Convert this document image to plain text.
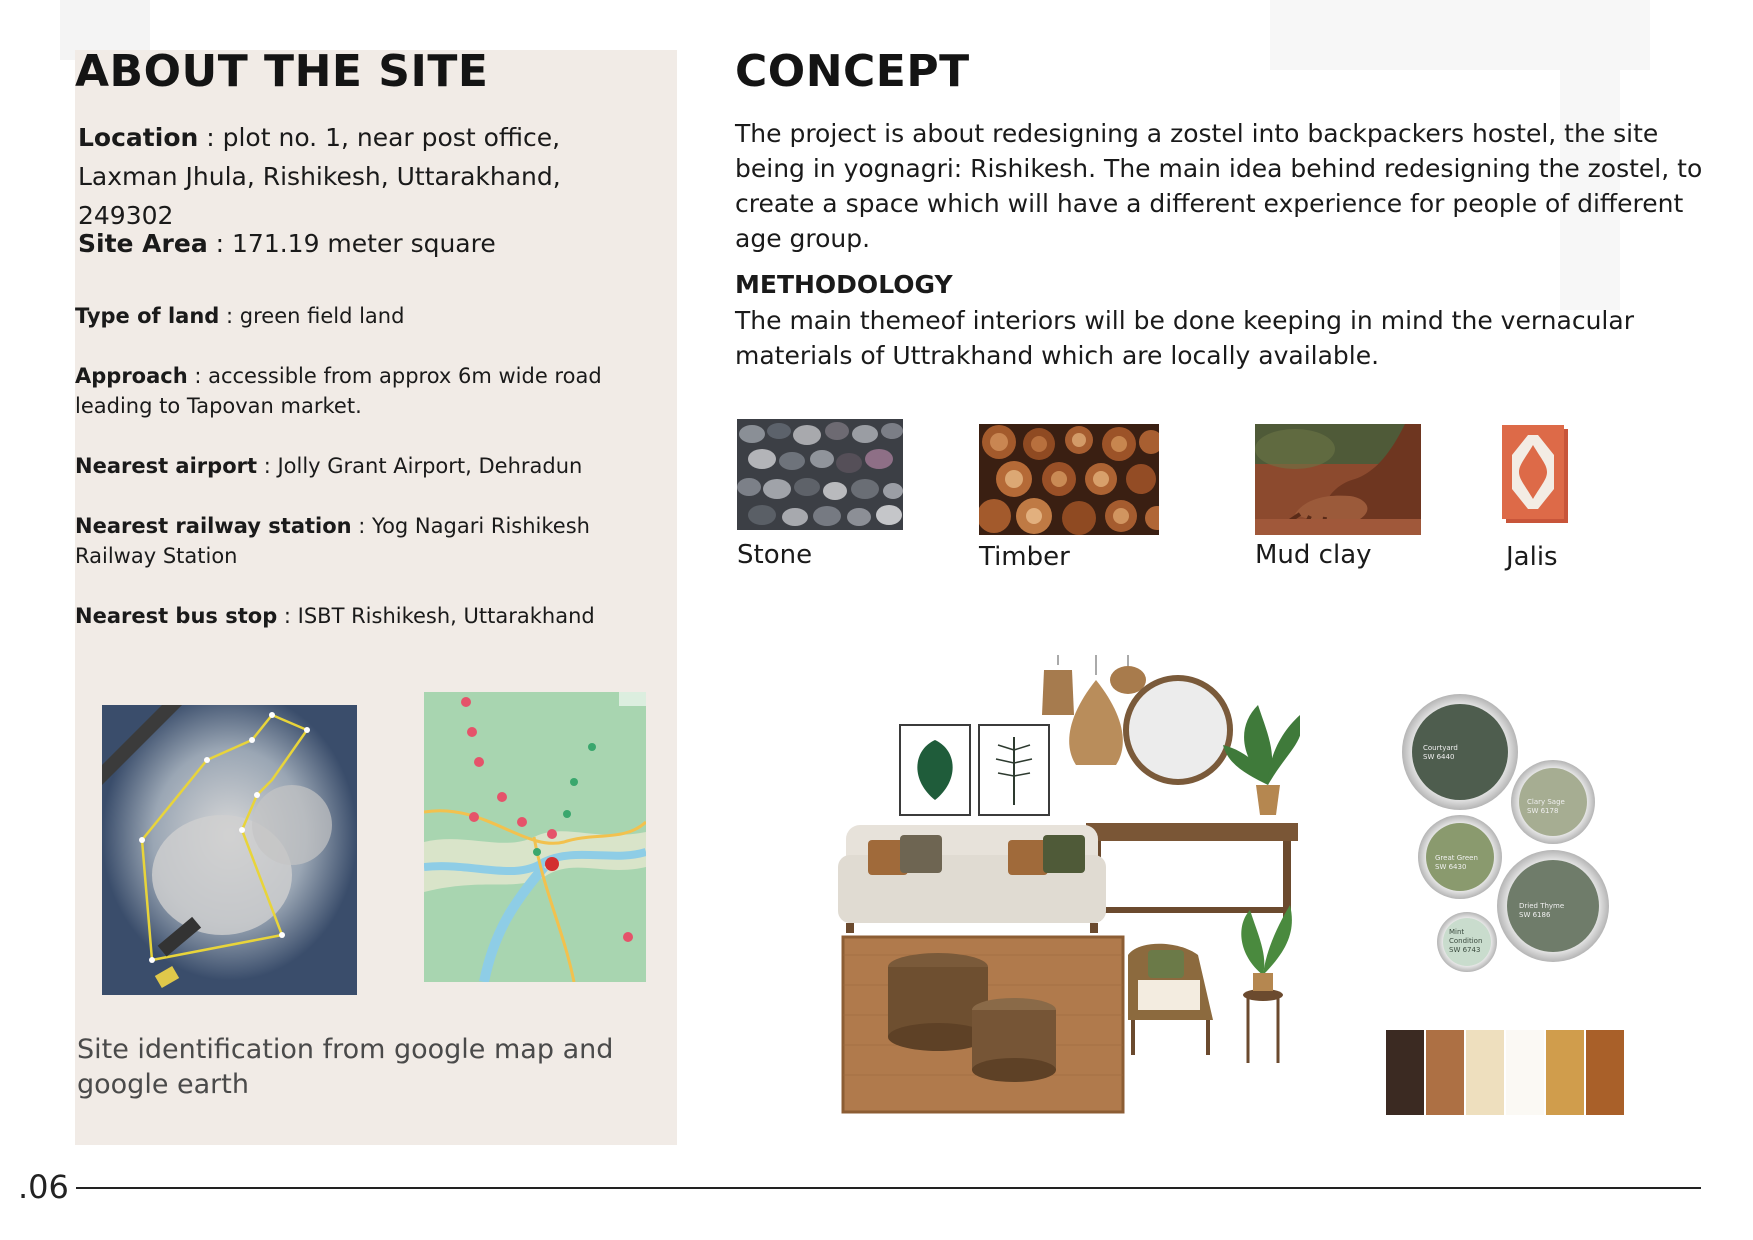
ABOUT THE SITE
Location : plot no. 1, near post office, Laxman Jhula, Rishikesh, Uttarakhand, 249302
Site Area : 171.19 meter square
Type of land : green field land
Approach : accessible from approx 6m wide road leading to Tapovan market.
Nearest airport : Jolly Grant Airport, Dehradun
Nearest railway station : Yog Nagari Rishikesh Railway Station
Nearest bus stop : ISBT Rishikesh, Uttarakhand
Site identification from google map and google earth
CONCEPT
The project is about redesigning a zostel into backpackers hostel, the site being in yognagri: Rishikesh. The main idea behind redesigning the zostel, to create a space which will have a different experience for people of different age group.
METHODOLOGY
The main themeof interiors will be done keeping in mind the vernacular materials of Uttrakhand which are locally available.
Stone	Timber	Mud clay	Jalis
Courtyard
SW 6440
Clary Sage
SW 6178
Great Green
SW 6430
Dried Thyme
SW 6186
Mint
Condition
SW 6743
.06
